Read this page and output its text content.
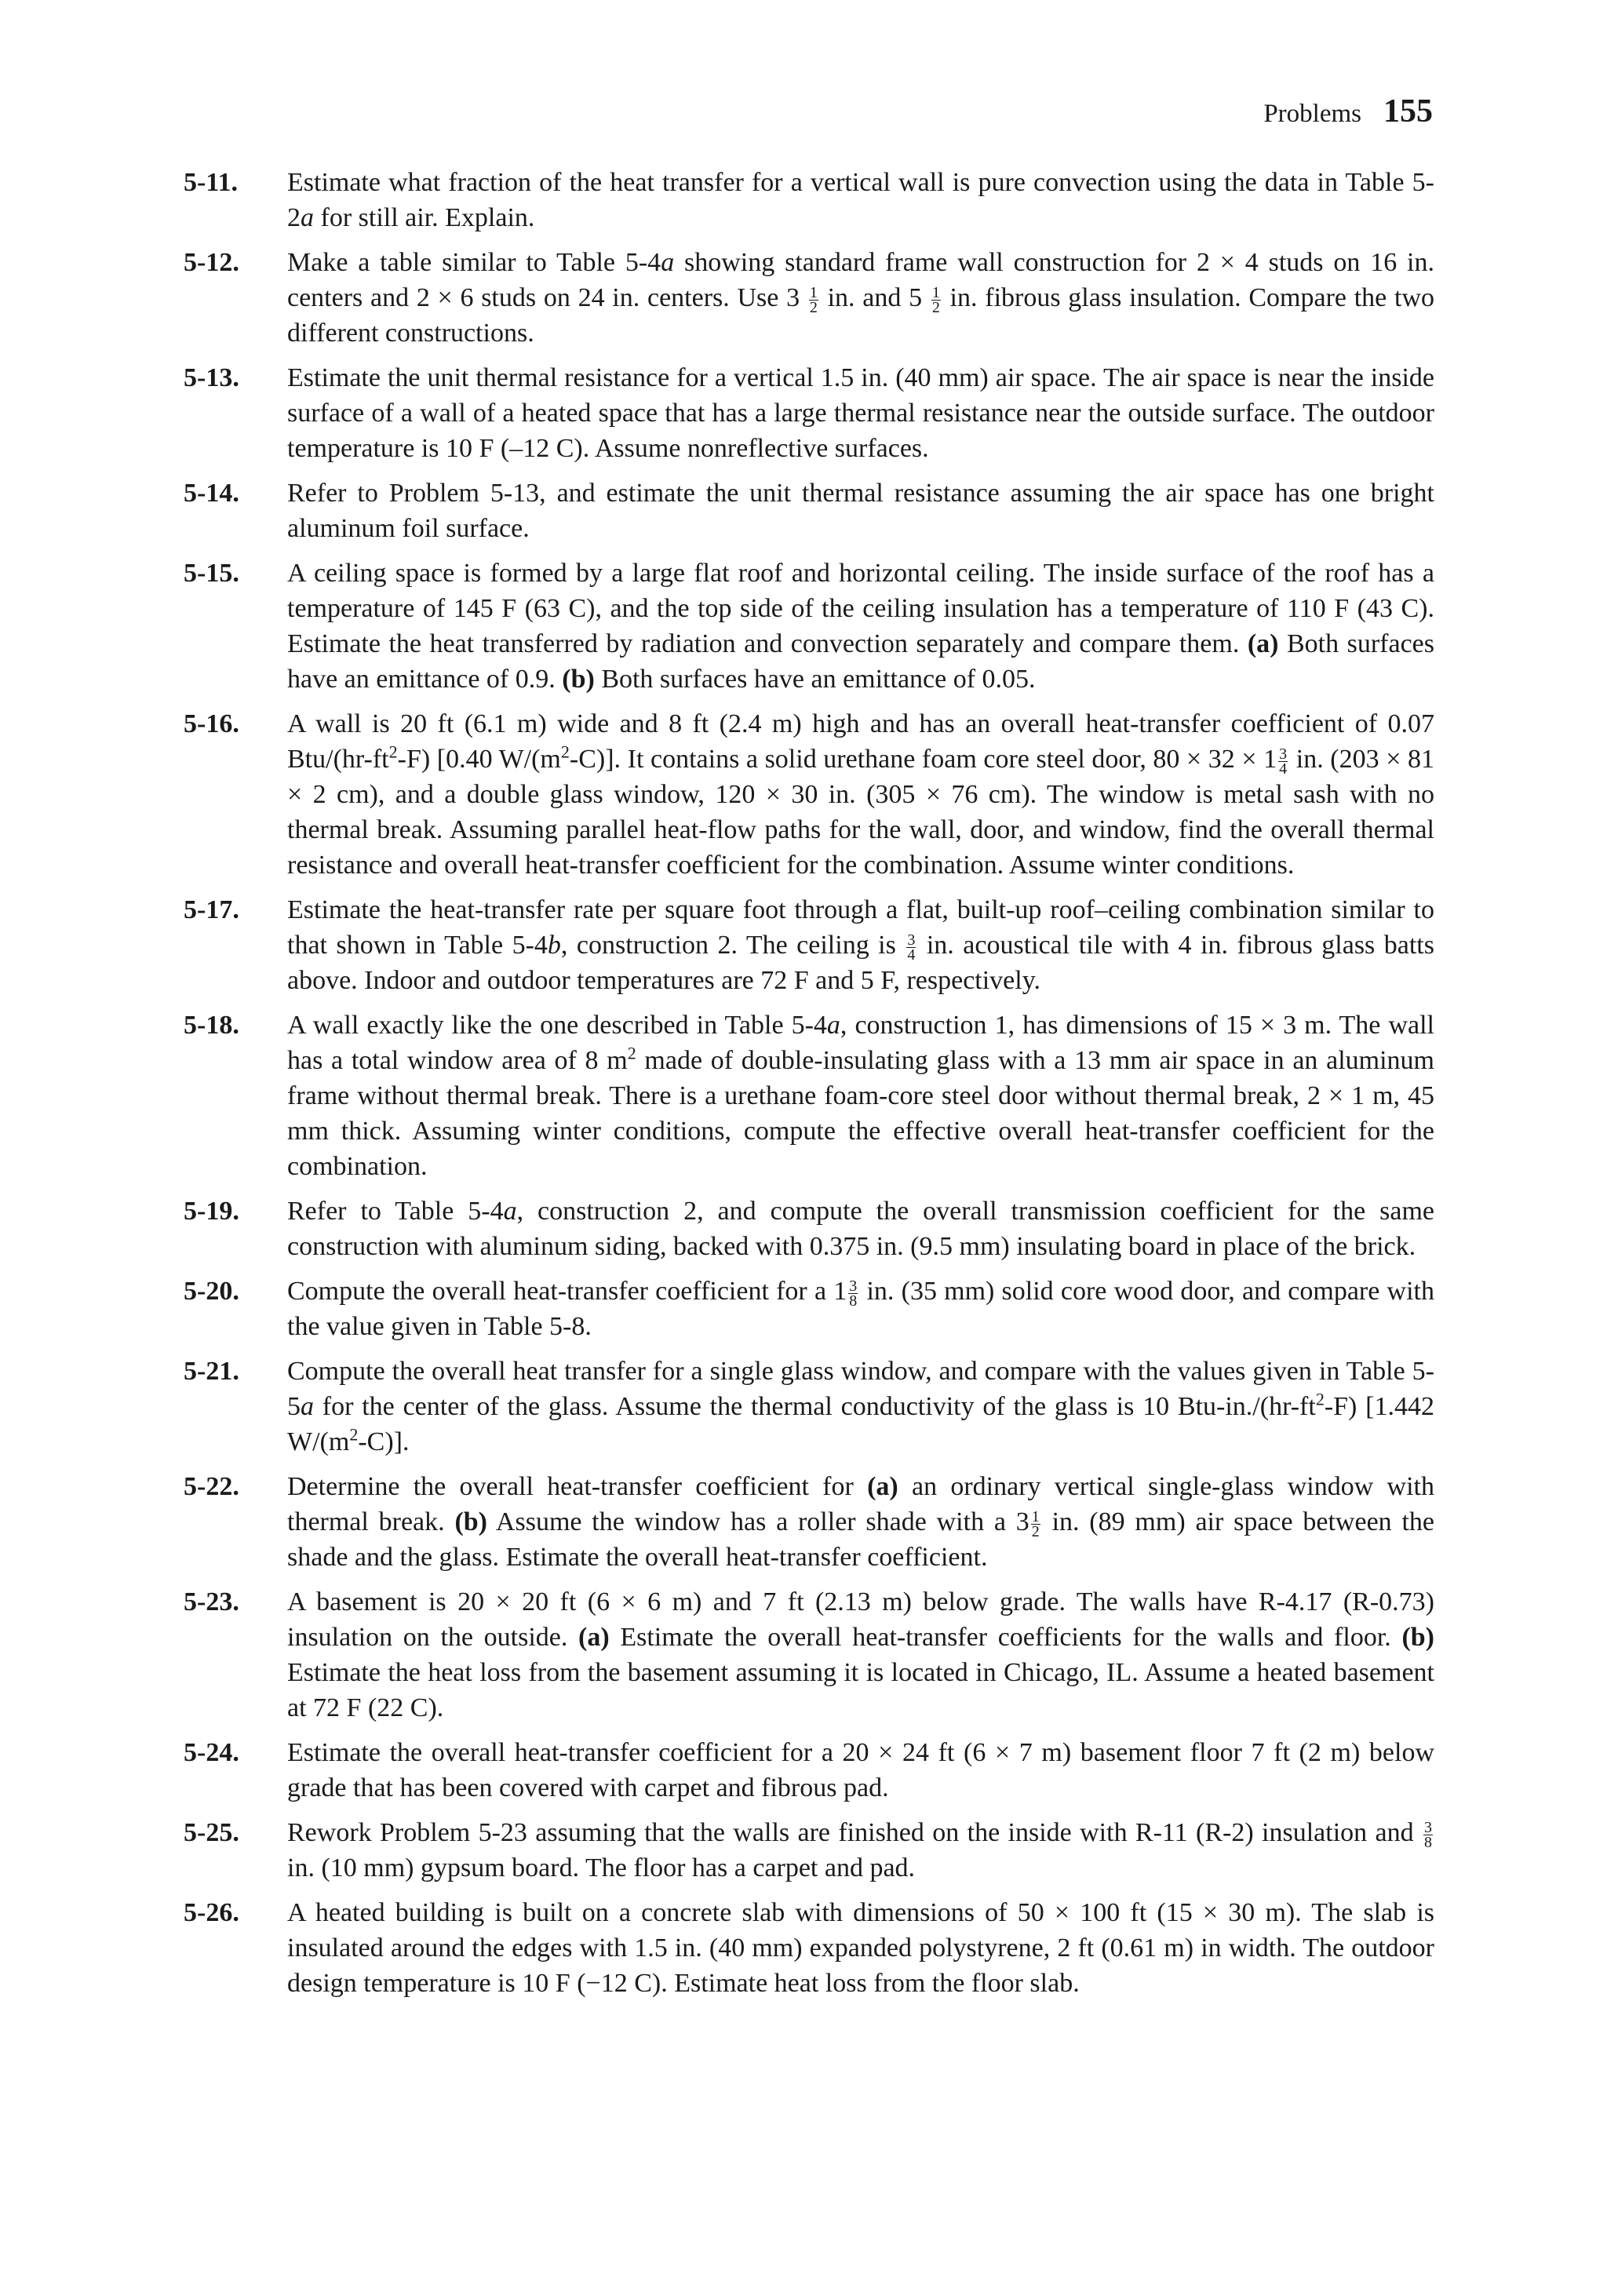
Problems 155
5-11.	Estimate what fraction of the heat transfer for a vertical wall is pure convection using the data in Table 5-2a for still air. Explain.
5-12.	Make a table similar to Table 5-4a showing standard frame wall construction for 2 × 4 studs on 16 in. centers and 2 × 6 studs on 24 in. centers. Use $3 \frac{1}{2}$ in. and $5 \frac{1}{2}$ in. fibrous glass insulation. Compare the two different constructions.
5-13.	Estimate the unit thermal resistance for a vertical 1.5 in. (40 mm) air space. The air space is near the inside surface of a wall of a heated space that has a large thermal resistance near the outside surface. The outdoor temperature is 10 F (–12 C). Assume nonreflective surfaces.
5-14.	Refer to Problem 5-13, and estimate the unit thermal resistance assuming the air space has one bright aluminum foil surface.
5-15.	A ceiling space is formed by a large flat roof and horizontal ceiling. The inside surface of the roof has a temperature of 145 F (63 C), and the top side of the ceiling insulation has a temperature of 110 F (43 C). Estimate the heat transferred by radiation and convection separately and compare them. (a) Both surfaces have an emittance of 0.9. (b) Both surfaces have an emittance of 0.05.
5-16.	A wall is 20 ft (6.1 m) wide and 8 ft (2.4 m) high and has an overall heat-transfer coefficient of 0.07 Btu/$(hr-ft^2-F)$ [0.40 $W/(m^2-C)$]. It contains a solid urethane foam core steel door, $80 \times 32 \times 1 \frac{3}{4}$ in. (203 × 81 × 2 cm), and a double glass window, 120 × 30 in. (305 × 76 cm). The window is metal sash with no thermal break. Assuming parallel heat-flow paths for the wall, door, and window, find the overall thermal resistance and overall heat-transfer coefficient for the combination. Assume winter conditions.
5-17.	Estimate the heat-transfer rate per square foot through a flat, built-up roof–ceiling combination similar to that shown in Table 5-4b, construction 2. The ceiling is $\frac{3}{4}$ in. acoustical tile with 4 in. fibrous glass batts above. Indoor and outdoor temperatures are 72 F and 5 F, respectively.
5-18.	A wall exactly like the one described in Table 5-4a, construction 1, has dimensions of 15 × 3 m. The wall has a total window area of 8 $m^2$ made of double-insulating glass with a 13 mm air space in an aluminum frame without thermal break. There is a urethane foam-core steel door without thermal break, 2 × 1 m, 45 mm thick. Assuming winter conditions, compute the effective overall heat-transfer coefficient for the combination.
5-19.	Refer to Table 5-4a, construction 2, and compute the overall transmission coefficient for the same construction with aluminum siding, backed with 0.375 in. (9.5 mm) insulating board in place of the brick.
5-20.	Compute the overall heat-transfer coefficient for a $1 \frac{3}{8}$ in. (35 mm) solid core wood door, and compare with the value given in Table 5-8.
5-21.	Compute the overall heat transfer for a single glass window, and compare with the values given in Table 5-5a for the center of the glass. Assume the thermal conductivity of the glass is 10 Btu-$in./(hr-ft^2-F)$ [1.442 $W/(m^2-C)$].
5-22.	Determine the overall heat-transfer coefficient for (a) an ordinary vertical single-glass window with thermal break. (b) Assume the window has a roller shade with a $3 \frac{1}{2}$ in. (89 mm) air space between the shade and the glass. Estimate the overall heat-transfer coefficient.
5-23.	A basement is 20 × 20 ft (6 × 6 m) and 7 ft (2.13 m) below grade. The walls have R-4.17 (R-0.73) insulation on the outside. (a) Estimate the overall heat-transfer coefficients for the walls and floor. (b) Estimate the heat loss from the basement assuming it is located in Chicago, IL. Assume a heated basement at 72 F (22 C).
5-24.	Estimate the overall heat-transfer coefficient for a 20 × 24 ft (6 × 7 m) basement floor 7 ft (2 m) below grade that has been covered with carpet and fibrous pad.
5-25.	Rework Problem 5-23 assuming that the walls are finished on the inside with R-11 (R-2) insulation and $\frac{3}{8}$
in. (10 mm) gypsum board. The floor has a carpet and pad.
5-26.	A heated building is built on a concrete slab with dimensions of 50 × 100 ft (15 × 30 m). The slab is insulated around the edges with 1.5 in. (40 mm) expanded polystyrene, 2 ft (0.61 m) in width. The outdoor design temperature is 10 F (−12 C). Estimate heat loss from the floor slab.
